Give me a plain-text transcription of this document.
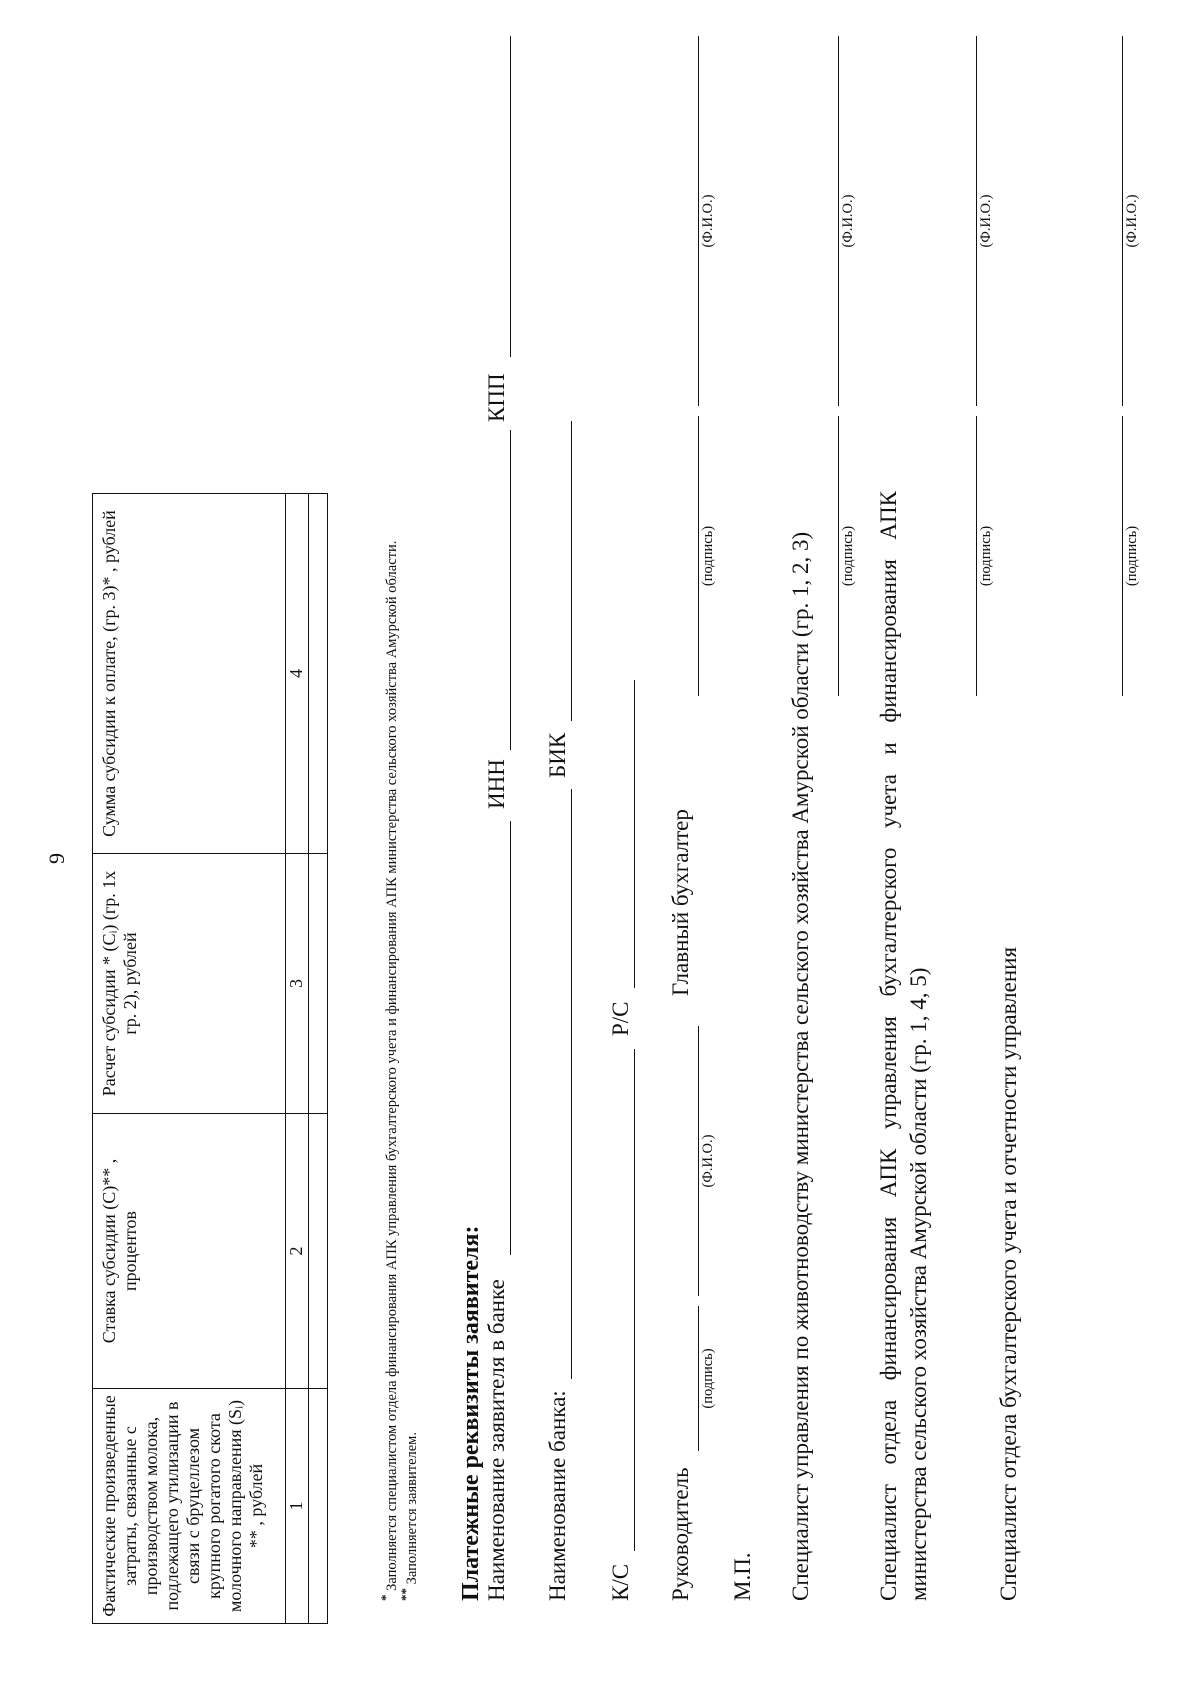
9
Фактические произведенные затраты, связанные с производством молока, подлежащего утилизации в связи с бруцеллезом крупного рогатого скота молочного направления (Sᵢ) ** , рублей	Ставка субсидии (С)** , процентов	Расчет субсидии * (Сᵢ) (гр. 1х гр. 2), рублей	Сумма субсидии к оплате, (гр. 3)* , рублей
1	2	3	4

* Заполняется специалистом отдела финансирования АПК управления бухгалтерского учета и финансирования АПК министерства сельского хозяйства Амурской области.
** Заполняется заявителем. Платежные реквизиты заявителя: Наименование заявителя в банке
ИНН
КПП
Наименование банка:
БИК
К/С
Р/С
Руководитель
(подпись)
(Ф.И.О.)
Главный бухгалтер
(подпись)
(Ф.И.О.)
М.П. Специалист управления по животноводству министерства сельского хозяйства Амурской области (гр. 1, 2, 3) (подпись)
(Ф.И.О.)
Специалист отдела финансирования АПК управления бухгалтерского учета и финансирования АПК министерства сельского хозяйства Амурской области (гр. 1, 4, 5)
(подпись)
(Ф.И.О.)
Специалист отдела бухгалтерского учета и отчетности управления
(подпись)
(Ф.И.О.)
